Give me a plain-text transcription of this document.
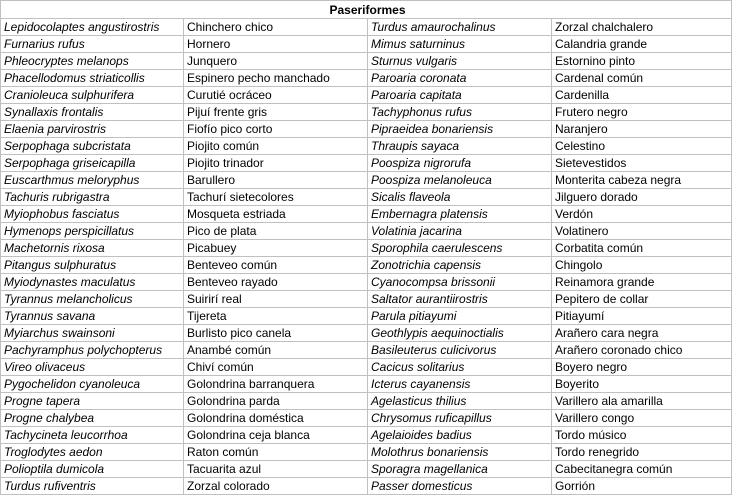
Paseriformes			
Lepidocolaptes angustirostris	Chinchero chico	Turdus amaurochalinus	Zorzal chalchalero
Furnarius rufus	Hornero	Mimus saturninus	Calandria grande
Phleocryptes melanops	Junquero	Sturnus vulgaris	Estornino pinto
Phacellodomus striaticollis	Espinero pecho manchado	Paroaria coronata	Cardenal común
Cranioleuca sulphurifera	Curutié ocráceo	Paroaria capitata	Cardenilla
Synallaxis frontalis	Pijuí frente gris	Tachyphonus rufus	Frutero negro
Elaenia parvirostris	Fiofío pico corto	Pipraeidea bonariensis	Naranjero
Serpophaga subcristata	Piojito común	Thraupis sayaca	Celestino
Serpophaga griseicapilla	Piojito trinador	Poospiza nigrorufa	Sietevestidos
Euscarthmus meloryphus	Barullero	Poospiza melanoleuca	Monterita cabeza negra
Tachuris rubrigastra	Tachurí sietecolores	Sicalis flaveola	Jilguero dorado
Myiophobus fasciatus	Mosqueta estriada	Embernagra platensis	Verdón
Hymenops perspicillatus	Pico de plata	Volatinia jacarina	Volatinero
Machetornis rixosa	Picabuey	Sporophila caerulescens	Corbatita común
Pitangus sulphuratus	Benteveo común	Zonotrichia capensis	Chingolo
Myiodynastes maculatus	Benteveo rayado	Cyanocompsa brissonii	Reinamora grande
Tyrannus melancholicus	Suirirí real	Saltator aurantiirostris	Pepitero de collar
Tyrannus savana	Tijereta	Parula pitiayumi	Pitiayumí
Myiarchus swainsoni	Burlisto pico canela	Geothlypis aequinoctialis	Arañero cara negra
Pachyramphus polychopterus	Anambé común	Basileuterus culicivorus	Arañero coronado chico
Vireo olivaceus	Chiví común	Cacicus solitarius	Boyero negro
Pygochelidon cyanoleuca	Golondrina barranquera	Icterus cayanensis	Boyerito
Progne tapera	Golondrina parda	Agelasticus thilius	Varillero ala amarilla
Progne chalybea	Golondrina doméstica	Chrysomus ruficapillus	Varillero congo
Tachycineta leucorrhoa	Golondrina ceja blanca	Agelaioides badius	Tordo músico
Troglodytes aedon	Raton común	Molothrus bonariensis	Tordo renegrido
Polioptila dumicola	Tacuarita azul	Sporagra magellanica	Cabecitanegra común
Turdus rufiventris	Zorzal colorado	Passer domesticus	Gorrión
